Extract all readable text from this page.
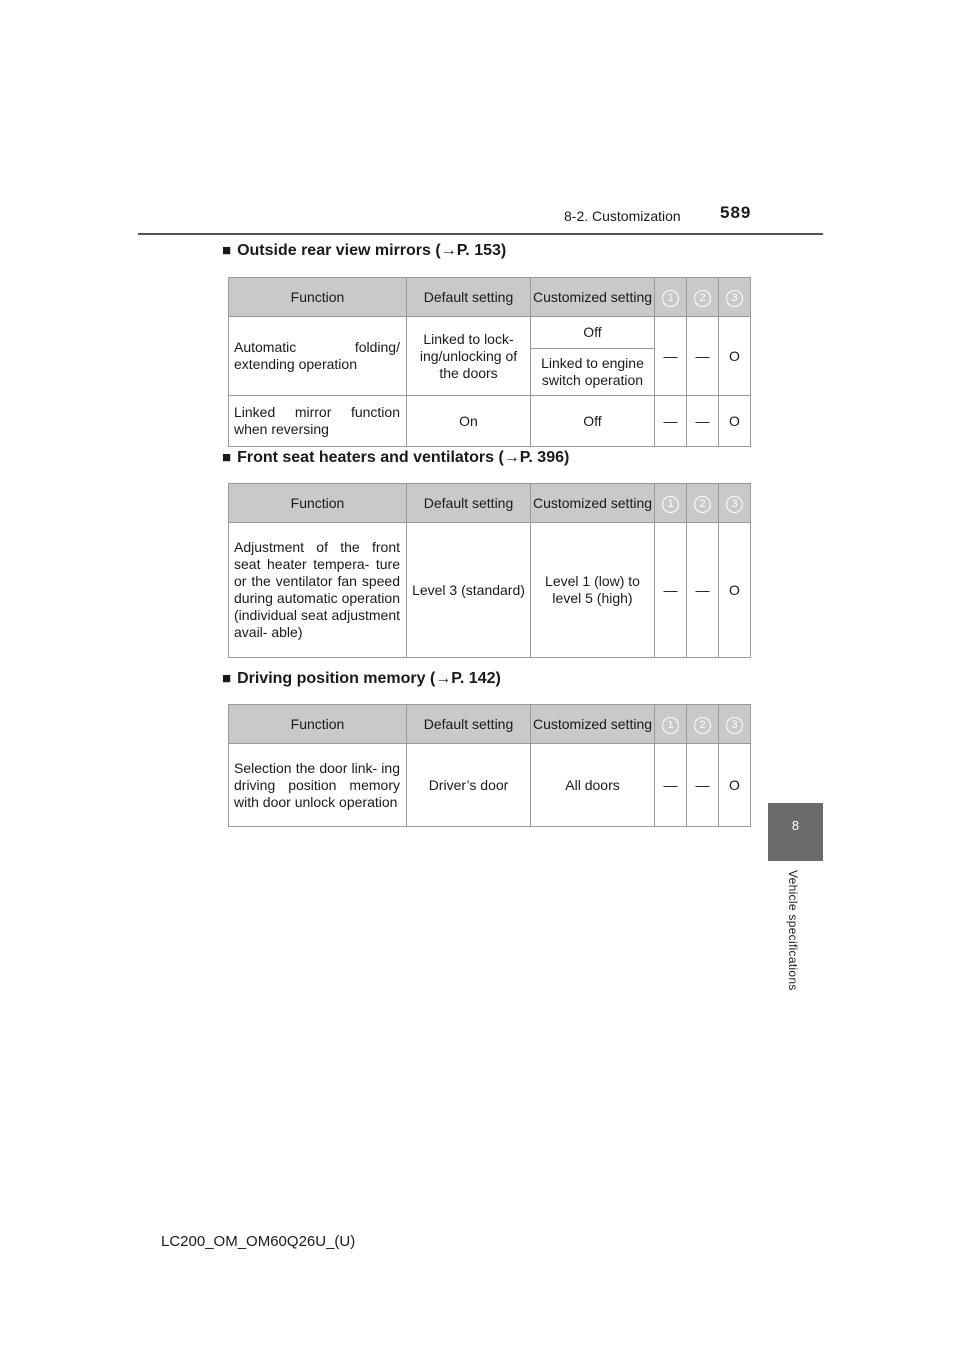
8-2. Customization 589
8
Vehicle specifications
■ Outside rear view mirrors (→P. 153)
Function	Default setting	Customized setting	1	2	3
Automatic folding/ extending operation	Linked to lock- ing/unlocking of the doors	Off	—	—	O
		Linked to engine switch operation			
Linked mirror function when reversing	On	Off	—	—	O
■ Front seat heaters and ventilators (→P. 396)
Function	Default setting	Customized setting	1	2	3
Adjustment of the front seat heater tempera- ture or the ventilator fan speed during automatic operation (individual seat adjustment avail- able)	Level 3 (standard)	Level 1 (low) to level 5 (high)	—	—	O
■ Driving position memory (→P. 142)
Function	Default setting	Customized setting	1	2	3
Selection the door link- ing driving position memory with door unlock operation	Driver’s door	All doors	—	—	O
LC200_OM_OM60Q26U_(U)
